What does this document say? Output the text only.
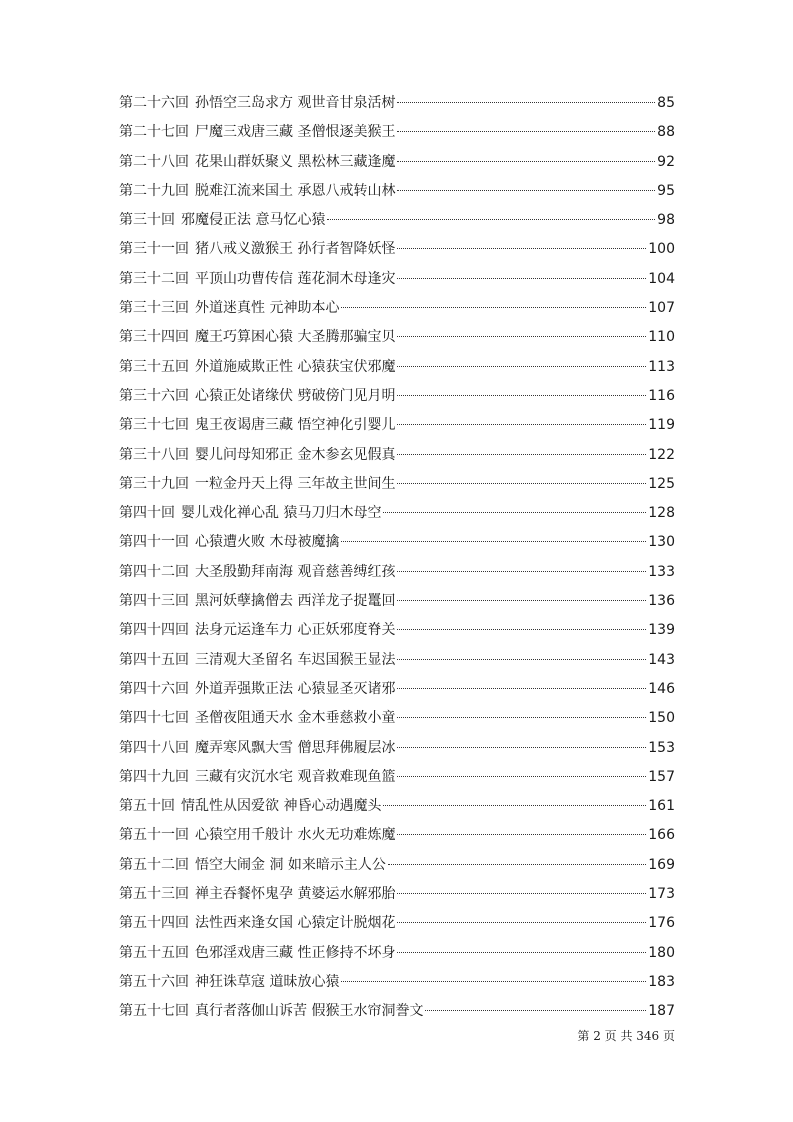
第二十六回 孙悟空三岛求方 观世音甘泉活树	85
第二十七回 尸魔三戏唐三藏 圣僧恨逐美猴王	88
第二十八回 花果山群妖聚义 黑松林三藏逢魔	92
第二十九回 脱难江流来国土 承恩八戒转山林	95
第三十回 邪魔侵正法 意马忆心猿	98
第三十一回 猪八戒义激猴王 孙行者智降妖怪	100
第三十二回 平顶山功曹传信 莲花洞木母逢灾	104
第三十三回 外道迷真性 元神助本心	107
第三十四回 魔王巧算困心猿 大圣腾那骗宝贝	110
第三十五回 外道施威欺正性 心猿获宝伏邪魔	113
第三十六回 心猿正处诸缘伏 劈破傍门见月明	116
第三十七回 鬼王夜谒唐三藏 悟空神化引婴儿	119
第三十八回 婴儿问母知邪正 金木参玄见假真	122
第三十九回 一粒金丹天上得 三年故主世间生	125
第四十回 婴儿戏化禅心乱 猿马刀归木母空	128
第四十一回 心猿遭火败 木母被魔擒	130
第四十二回 大圣殷勤拜南海 观音慈善缚红孩	133
第四十三回 黑河妖孽擒僧去 西洋龙子捉鼍回	136
第四十四回 法身元运逢车力 心正妖邪度脊关	139
第四十五回 三清观大圣留名 车迟国猴王显法	143
第四十六回 外道弄强欺正法 心猿显圣灭诸邪	146
第四十七回 圣僧夜阻通天水 金木垂慈救小童	150
第四十八回 魔弄寒风飘大雪 僧思拜佛履层冰	153
第四十九回 三藏有灾沉水宅 观音救难现鱼篮	157
第五十回 情乱性从因爱欲 神昏心动遇魔头	161
第五十一回 心猿空用千般计 水火无功难炼魔	166
第五十二回 悟空大闹金 洞 如来暗示主人公	169
第五十三回 禅主吞餐怀鬼孕 黄婆运水解邪胎	173
第五十四回 法性西来逢女国 心猿定计脱烟花	176
第五十五回 色邪淫戏唐三藏 性正修持不坏身	180
第五十六回 神狂诛草寇 道昧放心猿	183
第五十七回 真行者落伽山诉苦 假猴王水帘洞誊文	187
第 2 页 共 346 页
